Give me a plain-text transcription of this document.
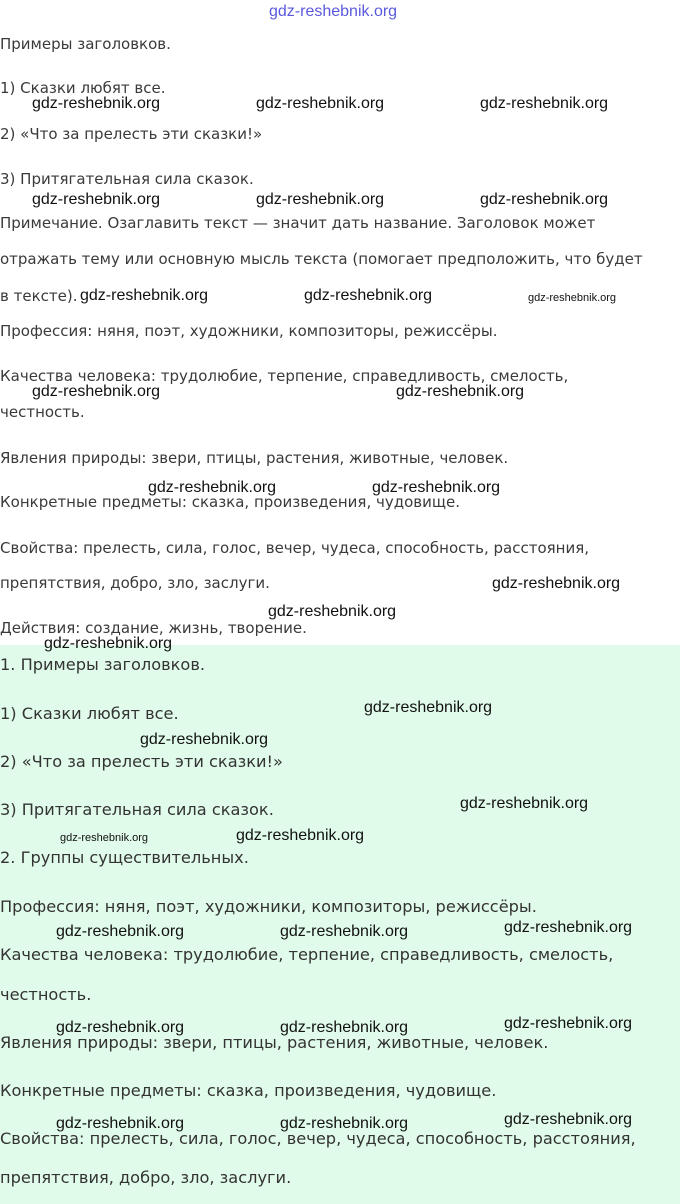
Примеры заголовков.
1) Сказки любят все.
2) «Что за прелесть эти сказки!»
3) Притягательная сила сказок.
Примечание. Озаглавить текст — значит дать название. Заголовок может
отражать тему или основную мысль текста (помогает предположить, что будет
в тексте).
Профессия: няня, поэт, художники, композиторы, режиссёры.
Качества человека: трудолюбие, терпение, справедливость, смелость,
честность.
Явления природы: звери, птицы, растения, животные, человек.
Конкретные предметы: сказка, произведения, чудовище.
Свойства: прелесть, сила, голос, вечер, чудеса, способность, расстояния,
препятствия, добро, зло, заслуги.
Действия: создание, жизнь, творение.
1. Примеры заголовков.
1) Сказки любят все.
2) «Что за прелесть эти сказки!»
3) Притягательная сила сказок.
2. Группы существительных.
Профессия: няня, поэт, художники, композиторы, режиссёры.
Качества человека: трудолюбие, терпение, справедливость, смелость,
честность.
Явления природы: звери, птицы, растения, животные, человек.
Конкретные предметы: сказка, произведения, чудовище.
Свойства: прелесть, сила, голос, вечер, чудеса, способность, расстояния,
препятствия, добро, зло, заслуги.
gdz-reshebnik.org
gdz-reshebnik.org	gdz-reshebnik.org	gdz-reshebnik.org
gdz-reshebnik.org	gdz-reshebnik.org	gdz-reshebnik.org
gdz-reshebnik.org	gdz-reshebnik.org	gdz-reshebnik.org
gdz-reshebnik.org	gdz-reshebnik.org
gdz-reshebnik.org	gdz-reshebnik.org
gdz-reshebnik.org
gdz-reshebnik.org
gdz-reshebnik.org
gdz-reshebnik.org
gdz-reshebnik.org
gdz-reshebnik.org
gdz-reshebnik.org	gdz-reshebnik.org
gdz-reshebnik.org	gdz-reshebnik.org	gdz-reshebnik.org
gdz-reshebnik.org	gdz-reshebnik.org	gdz-reshebnik.org
gdz-reshebnik.org	gdz-reshebnik.org	gdz-reshebnik.org
